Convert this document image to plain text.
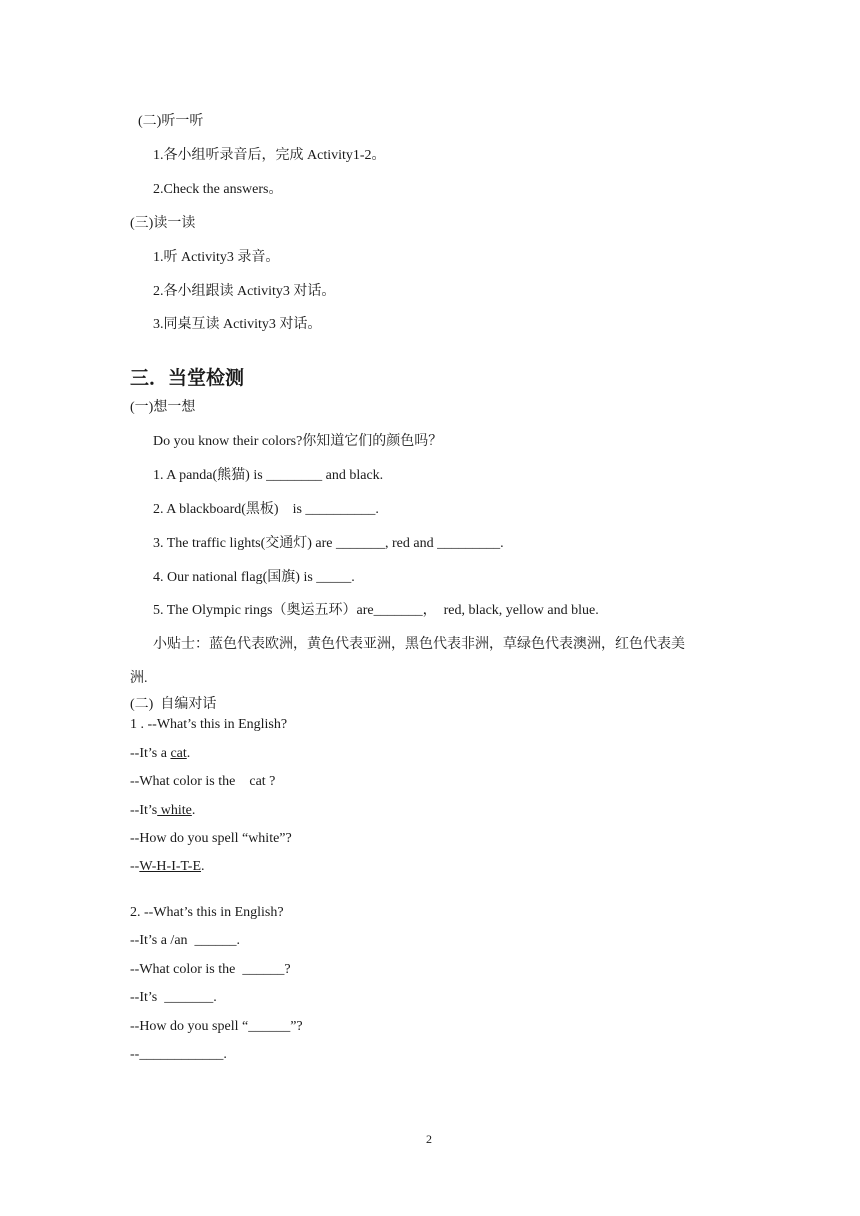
(二)听一听
1.各小组听录音后，完成 Activity1-2。
2.Check the answers。
(三)读一读
1.听 Activity3 录音。
2.各小组跟读 Activity3 对话。
3.同桌互读 Activity3 对话。
三．当堂检测
(一)想一想
Do you know their colors?你知道它们的颜色吗？
1. A panda(熊猫) is ________ and black.
2. A blackboard(黑板)    is __________.
3. The traffic lights(交通灯) are _______, red and _________.
4. Our national flag(国旗) is _____.
5. The Olympic rings（奥运五环）are_______，  red, black, yellow and blue.
小贴士：蓝色代表欧洲，黄色代表亚洲，黑色代表非洲，草绿色代表澳洲，红色代表美
洲.
(二)  自编对话
1 . --What’s this in English?
--It’s a cat.
--What color is the    cat ?
--It’s white.
--How do you spell “white”?
--W-H-I-T-E.
2. --What’s this in English?
--It’s a /an  ______.
--What color is the  ______?
--It’s  _______.
--How do you spell “______”?
--____________.
2
